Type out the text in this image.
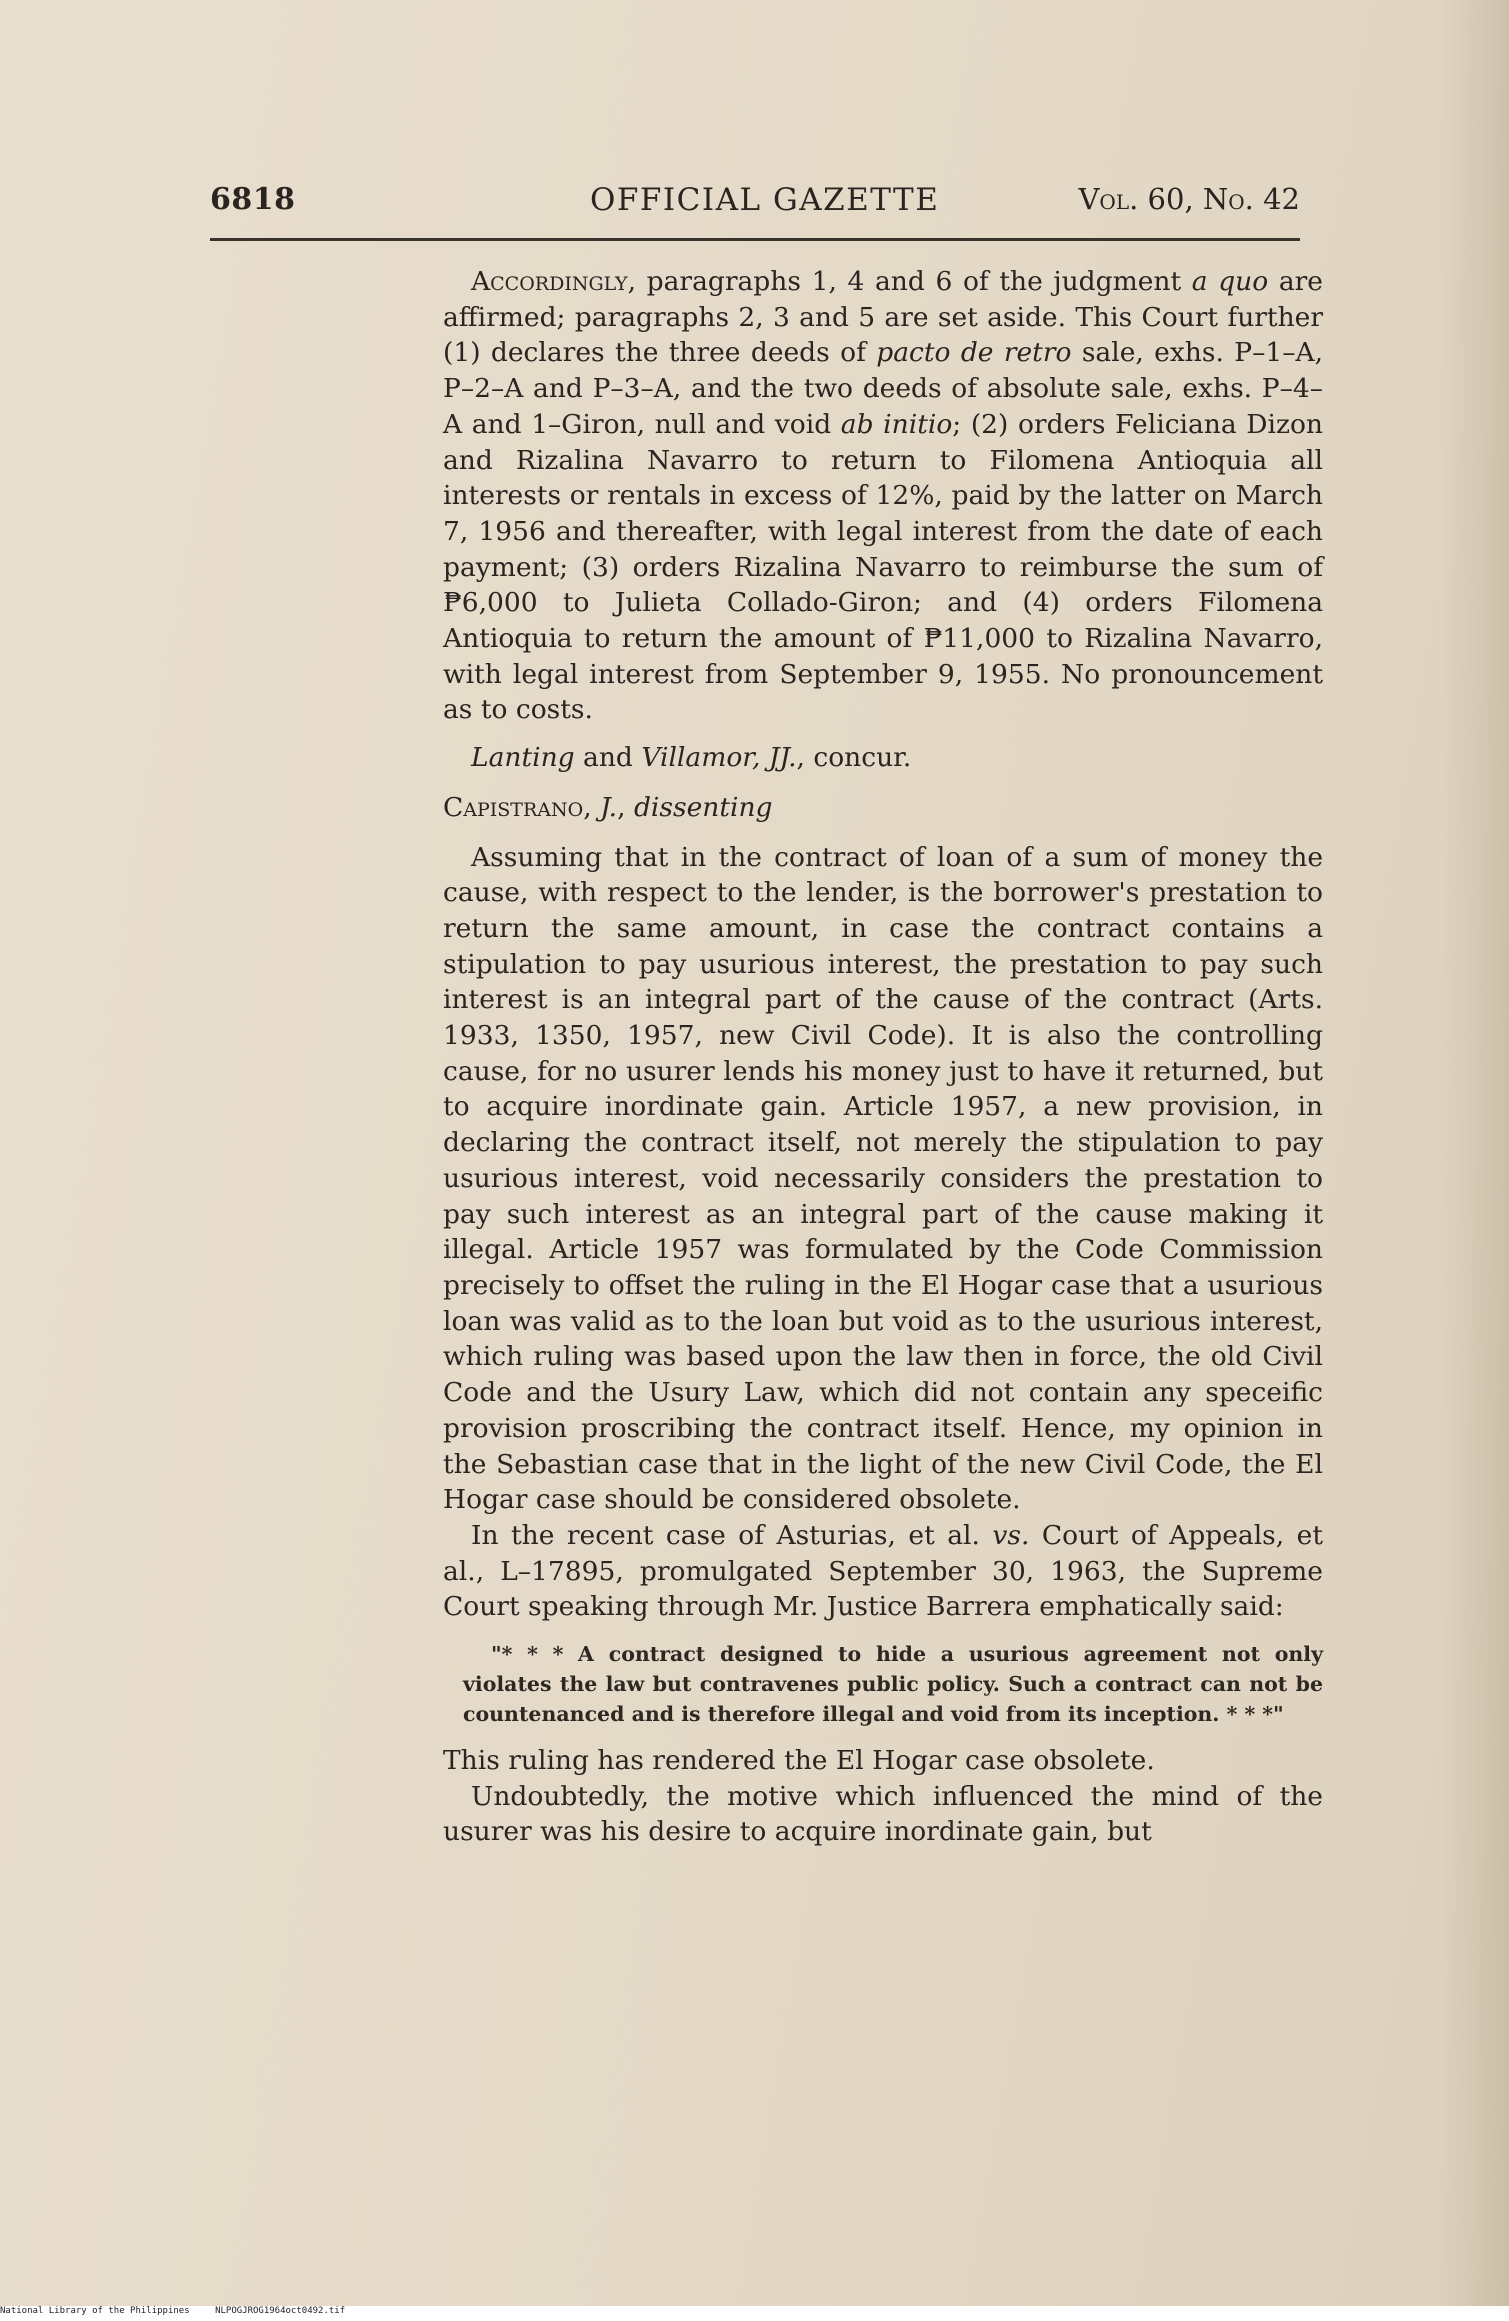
6818	OFFICIAL GAZETTE	Vol. 60, No. 42

Accordingly, paragraphs 1, 4 and 6 of the judgment a quo are affirmed; paragraphs 2, 3 and 5 are set aside. This Court further (1) declares the three deeds of pacto de retro sale, exhs. P–1–A, P–2–A and P–3–A, and the two deeds of absolute sale, exhs. P–4–A and 1–Giron, null and void ab initio; (2) orders Feliciana Dizon and Rizalina Navarro to return to Filomena Antioquia all interests or rentals in excess of 12%, paid by the latter on March 7, 1956 and thereafter, with legal interest from the date of each payment; (3) orders Rizalina Navarro to reimburse the sum of ₱6,000 to Julieta Collado-Giron; and (4) orders Filomena Antioquia to return the amount of ₱11,000 to Rizalina Navarro, with legal interest from September 9, 1955. No pronouncement as to costs.

Lanting and Villamor, JJ., concur.

Capistrano, J., dissenting

Assuming that in the contract of loan of a sum of money the cause, with respect to the lender, is the borrower's prestation to return the same amount, in case the contract contains a stipulation to pay usurious interest, the prestation to pay such interest is an integral part of the cause of the contract (Arts. 1933, 1350, 1957, new Civil Code). It is also the controlling cause, for no usurer lends his money just to have it returned, but to acquire inordinate gain. Article 1957, a new provision, in declaring the contract itself, not merely the stipulation to pay usurious interest, void necessarily considers the prestation to pay such interest as an integral part of the cause making it illegal. Article 1957 was formulated by the Code Commission precisely to offset the ruling in the El Hogar case that a usurious loan was valid as to the loan but void as to the usurious interest, which ruling was based upon the law then in force, the old Civil Code and the Usury Law, which did not contain any speceific provision proscribing the contract itself. Hence, my opinion in the Sebastian case that in the light of the new Civil Code, the El Hogar case should be considered obsolete.

In the recent case of Asturias, et al. vs. Court of Appeals, et al., L–17895, promulgated September 30, 1963, the Supreme Court speaking through Mr. Justice Barrera emphatically said:

"* * * A contract designed to hide a usurious agreement not only violates the law but contravenes public policy. Such a contract can not be countenanced and is therefore illegal and void from its inception. * * *"

This ruling has rendered the El Hogar case obsolete.

Undoubtedly, the motive which influenced the mind of the usurer was his desire to acquire inordinate gain, but

National Library of the Philippines	NLPOGJROG1964oct0492.tif
